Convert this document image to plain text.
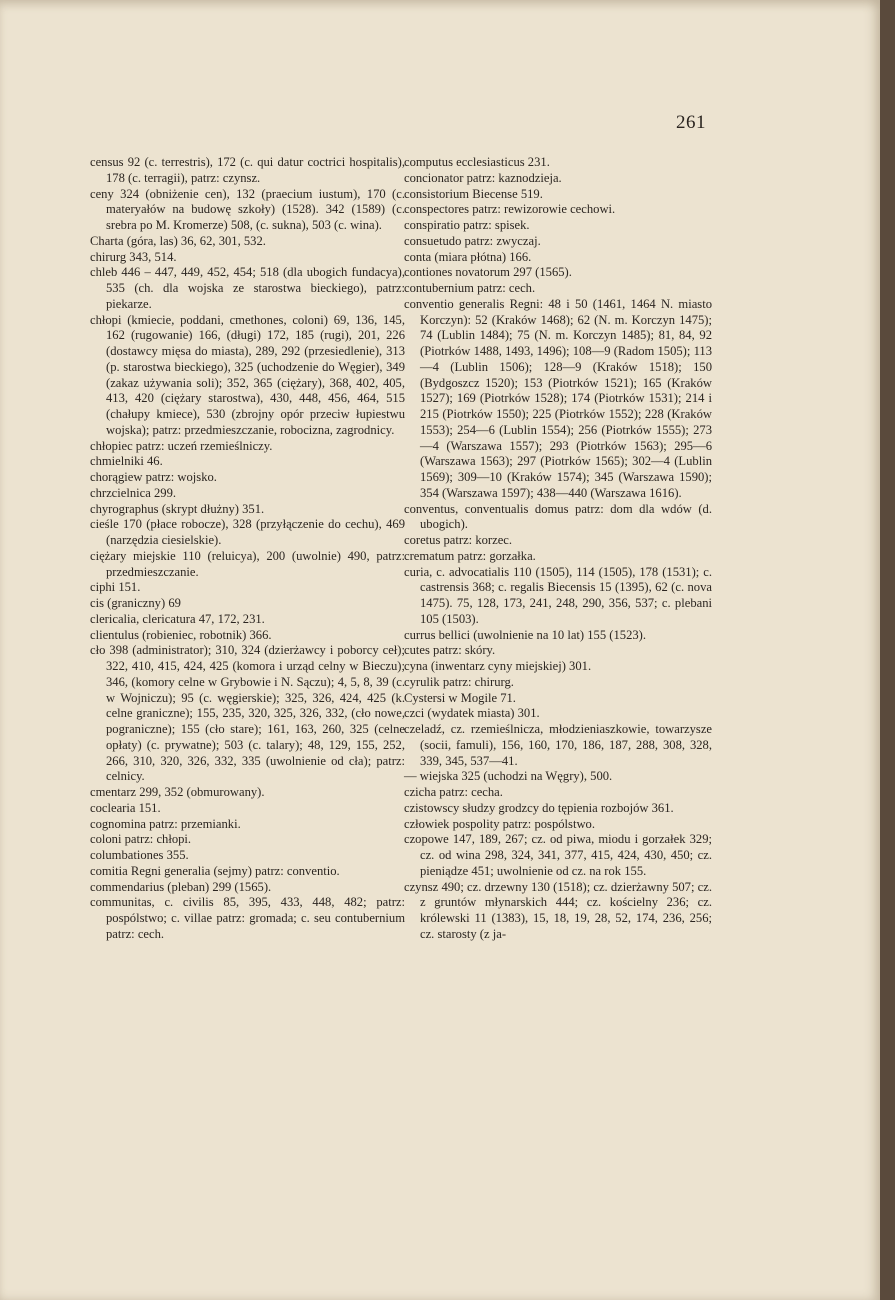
261

census 92 (c. terrestris), 172 (c. qui datur coctrici hospitalis), 178 (c. terragii), patrz: czynsz.

ceny 324 (obniżenie cen), 132 (praecium iustum), 170 (c. materyałów na budowę szkoły) (1528). 342 (1589) (c. srebra po M. Kromerze) 508, (c. sukna), 503 (c. wina).

Charta (góra, las) 36, 62, 301, 532.

chirurg 343, 514.

chleb 446 – 447, 449, 452, 454; 518 (dla ubogich fundacya), 535 (ch. dla wojska ze starostwa bieckiego), patrz: piekarze.

chłopi (kmiecie, poddani, cmethones, coloni) 69, 136, 145, 162 (rugowanie) 166, (długi) 172, 185 (rugi), 201, 226 (dostawcy mięsa do miasta), 289, 292 (przesiedlenie), 313 (p. starostwa bieckiego), 325 (uchodzenie do Węgier), 349 (zakaz używania soli); 352, 365 (ciężary), 368, 402, 405, 413, 420 (ciężary starostwa), 430, 448, 456, 464, 515 (chałupy kmiece), 530 (zbrojny opór przeciw łupiestwu wojska); patrz: przedmieszczanie, robocizna, zagrodnicy.

chłopiec patrz: uczeń rzemieślniczy.

chmielniki 46.

chorągiew patrz: wojsko.

chrzcielnica 299.

chyrographus (skrypt dłużny) 351.

cieśle 170 (płace robocze), 328 (przyłączenie do cechu), 469 (narzędzia ciesielskie).

ciężary miejskie 110 (reluicya), 200 (uwolnie) 490, patrz: przedmieszczanie.

ciphi 151.

cis (graniczny) 69

clericalia, clericatura 47, 172, 231.

clientulus (robieniec, robotnik) 366.

cło 398 (administrator); 310, 324 (dzierżawcy i poborcy ceł); 322, 410, 415, 424, 425 (komora i urząd celny w Bieczu); 346, (komory celne w Grybowie i N. Sączu); 4, 5, 8, 39 (c. w Wojniczu); 95 (c. węgierskie); 325, 326, 424, 425 (k. celne graniczne); 155, 235, 320, 325, 326, 332, (cło nowe, pograniczne); 155 (cło stare); 161, 163, 260, 325 (celne opłaty) (c. prywatne); 503 (c. talary); 48, 129, 155, 252, 266, 310, 320, 326, 332, 335 (uwolnienie od cła); patrz: celnicy.

cmentarz 299, 352 (obmurowany).

coclearia 151.

cognomina patrz: przemianki.

coloni patrz: chłopi.

columbationes 355.

comitia Regni generalia (sejmy) patrz: conventio.

commendarius (pleban) 299 (1565).

communitas, c. civilis 85, 395, 433, 448, 482; patrz: pospólstwo; c. villae patrz: gromada; c. seu contubernium patrz: cech.

computus ecclesiasticus 231.

concionator patrz: kaznodzieja.

consistorium Biecense 519.

conspectores patrz: rewizorowie cechowi.

conspiratio patrz: spisek.

consuetudo patrz: zwyczaj.

conta (miara płótna) 166.

contiones novatorum 297 (1565).

contubernium patrz: cech.

conventio generalis Regni: 48 i 50 (1461, 1464 N. miasto Korczyn): 52 (Kraków 1468); 62 (N. m. Korczyn 1475); 74 (Lublin 1484); 75 (N. m. Korczyn 1485); 81, 84, 92 (Piotrków 1488, 1493, 1496); 108—9 (Radom 1505); 113—4 (Lublin 1506); 128—9 (Kraków 1518); 150 (Bydgoszcz 1520); 153 (Piotrków 1521); 165 (Kraków 1527); 169 (Piotrków 1528); 174 (Piotrków 1531); 214 i 215 (Piotrków 1550); 225 (Piotrków 1552); 228 (Kraków 1553); 254—6 (Lublin 1554); 256 (Piotrków 1555); 273—4 (Warszawa 1557); 293 (Piotrków 1563); 295—6 (Warszawa 1563); 297 (Piotrków 1565); 302—4 (Lublin 1569); 309—10 (Kraków 1574); 345 (Warszawa 1590); 354 (Warszawa 1597); 438—440 (Warszawa 1616).

conventus, conventualis domus patrz: dom dla wdów (d. ubogich).

coretus patrz: korzec.

crematum patrz: gorzałka.

curia, c. advocatialis 110 (1505), 114 (1505), 178 (1531); c. castrensis 368; c. regalis Biecensis 15 (1395), 62 (c. nova 1475). 75, 128, 173, 241, 248, 290, 356, 537; c. plebani 105 (1503).

currus bellici (uwolnienie na 10 lat) 155 (1523).

cutes patrz: skóry.

cyna (inwentarz cyny miejskiej) 301.

cyrulik patrz: chirurg.

Cystersi w Mogile 71.

czci (wydatek miasta) 301.

czeladź, cz. rzemieślnicza, młodzieniaszkowie, towarzysze (socii, famuli), 156, 160, 170, 186, 187, 288, 308, 328, 339, 345, 537—41.

— wiejska 325 (uchodzi na Węgry), 500.

czicha patrz: cecha.

czistowscy słudzy grodzcy do tępienia rozbojów 361.

człowiek pospolity patrz: pospólstwo.

czopowe 147, 189, 267; cz. od piwa, miodu i gorzałek 329; cz. od wina 298, 324, 341, 377, 415, 424, 430, 450; cz. pieniądze 451; uwolnienie od cz. na rok 155.

czynsz 490; cz. drzewny 130 (1518); cz. dzierżawny 507; cz. z gruntów młynarskich 444; cz. kościelny 236; cz. królewski 11 (1383), 15, 18, 19, 28, 52, 174, 236, 256; cz. starosty (z ja-
